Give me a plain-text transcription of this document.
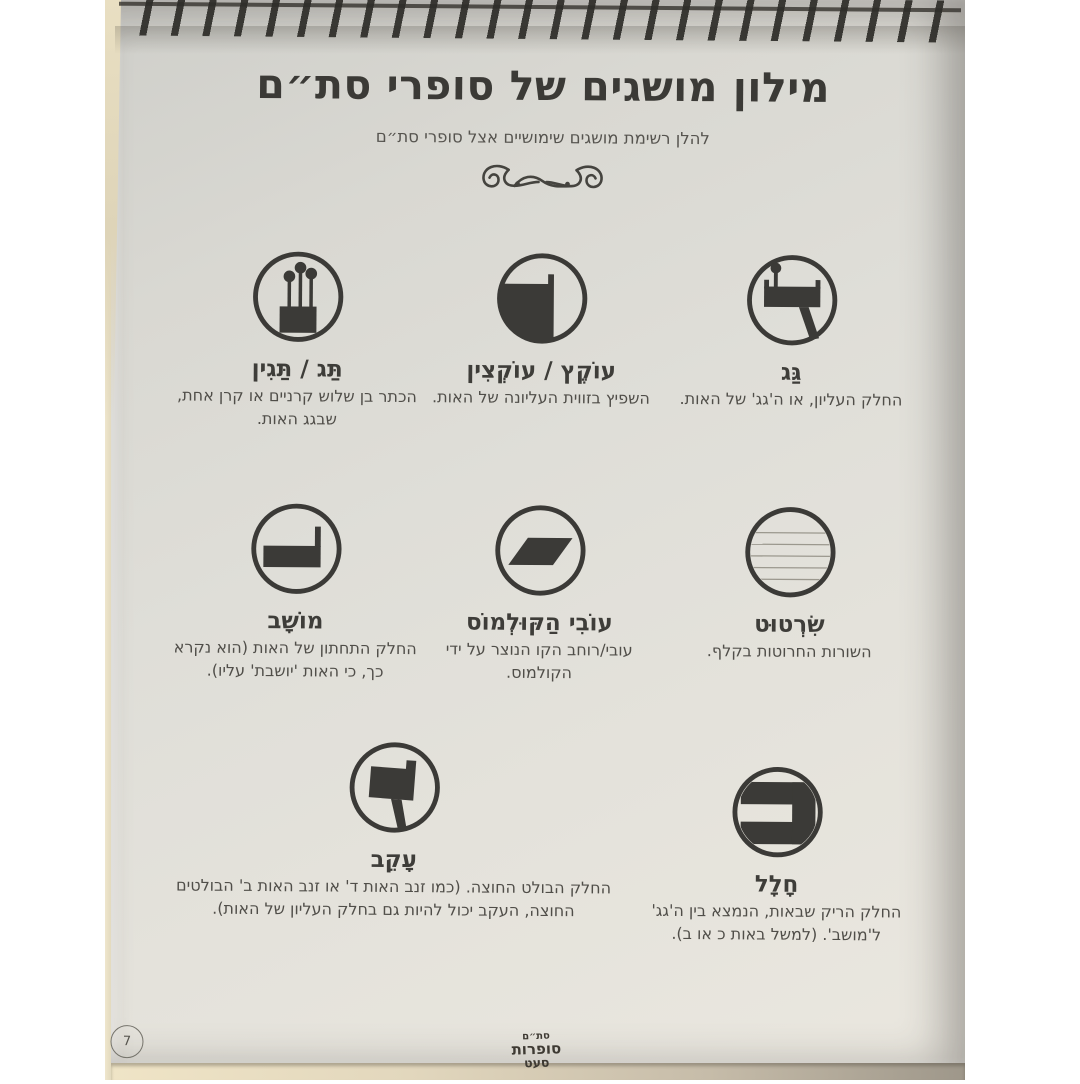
מילון מושגים של סופרי סת״ם
להלן רשימת מושגים שימושיים אצל סופרי סת״ם
גַּג
החלק העליון, או ה'גג' של האות.
עוֹקֶץ / עוֹקְצִין
השפיץ בזווית העליונה של האות.
תַּג / תַּגִין
הכתר בן שלוש קרניים או קרן אחת, שבגג האות.
שִׂרְטוּט
השורות החרוטות בקלף.
עוֹבִי הַקּוּלְמוֹס
עובי/רוחב הקו הנוצר על ידי הקולמוס.
מוֹשָׁב
החלק התחתון של האות (הוא נקרא כך, כי האות 'יושבת' עליו).
חָלָל
החלק הריק שבאות, הנמצא בין ה'גג' ל'מושב'. (למשל באות כ או ב).
עָקֵב
החלק הבולט החוצה. (כמו זנב האות ד' או זנב האות ב' הבולטים החוצה, העקב יכול להיות גם בחלק העליון של האות).
7	סת״ם
סופרות
סעט
